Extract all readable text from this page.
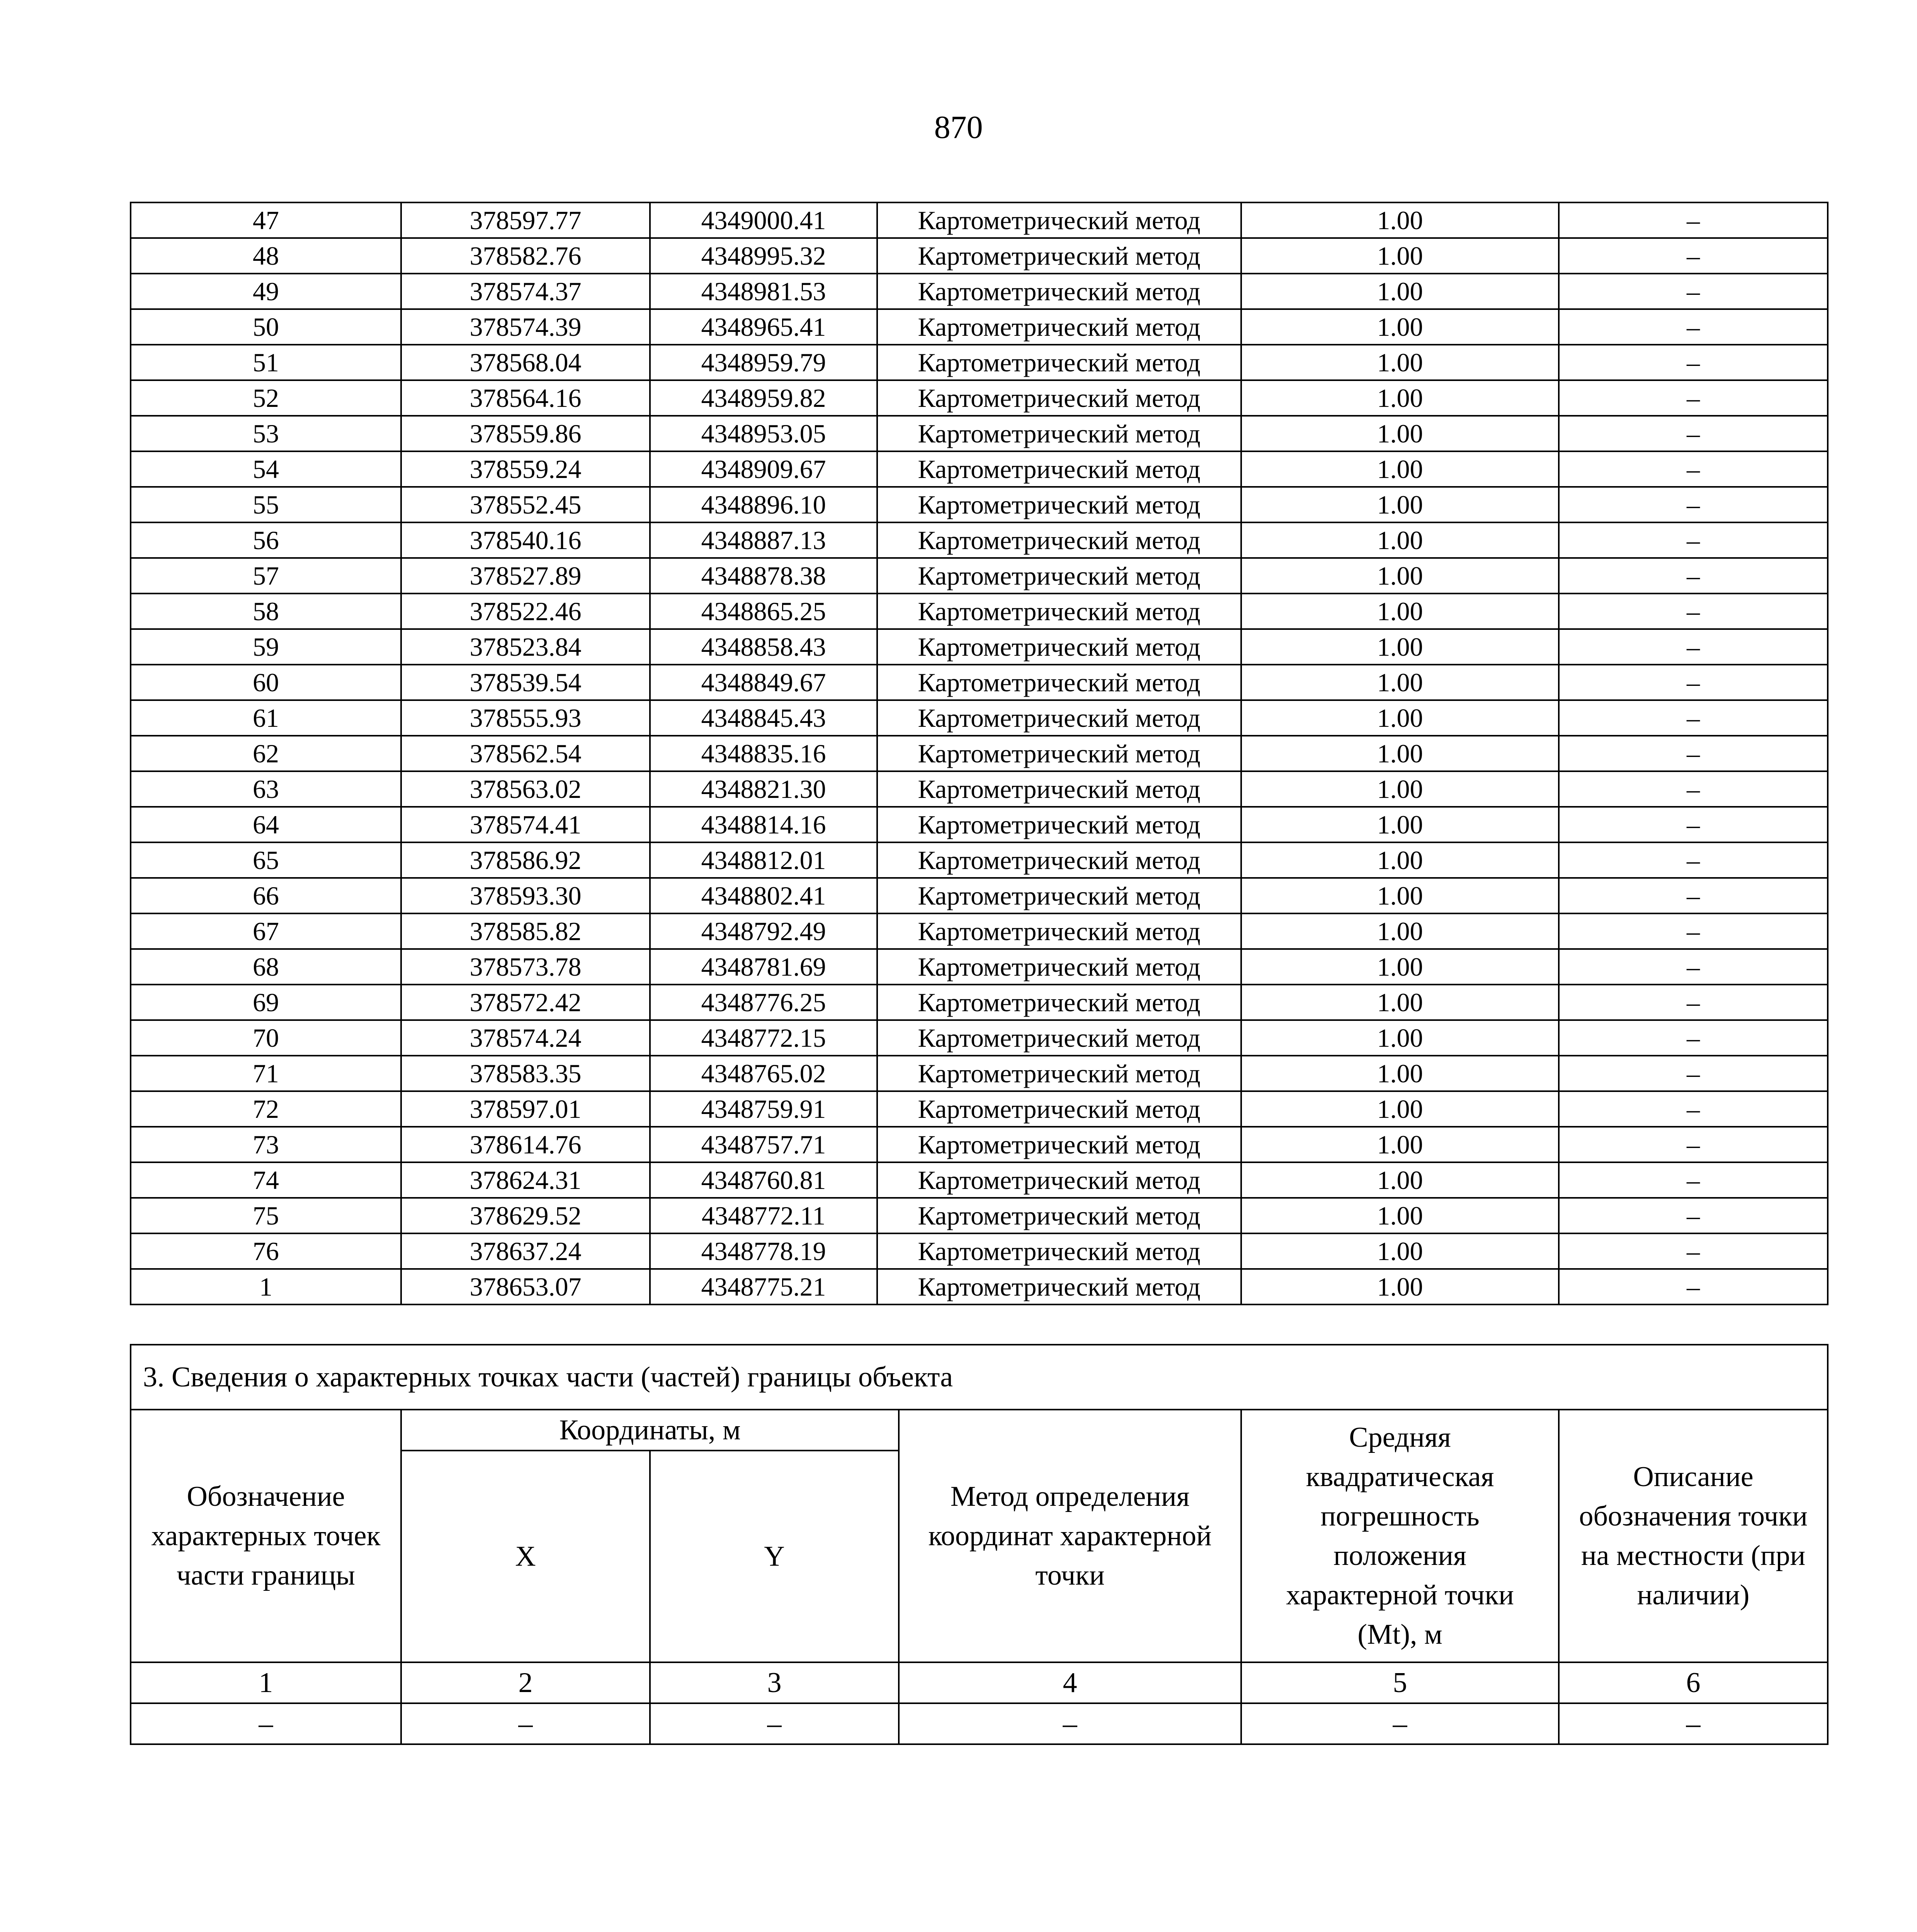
870
47	378597.77	4349000.41	Картометрический метод	1.00	–
48	378582.76	4348995.32	Картометрический метод	1.00	–
49	378574.37	4348981.53	Картометрический метод	1.00	–
50	378574.39	4348965.41	Картометрический метод	1.00	–
51	378568.04	4348959.79	Картометрический метод	1.00	–
52	378564.16	4348959.82	Картометрический метод	1.00	–
53	378559.86	4348953.05	Картометрический метод	1.00	–
54	378559.24	4348909.67	Картометрический метод	1.00	–
55	378552.45	4348896.10	Картометрический метод	1.00	–
56	378540.16	4348887.13	Картометрический метод	1.00	–
57	378527.89	4348878.38	Картометрический метод	1.00	–
58	378522.46	4348865.25	Картометрический метод	1.00	–
59	378523.84	4348858.43	Картометрический метод	1.00	–
60	378539.54	4348849.67	Картометрический метод	1.00	–
61	378555.93	4348845.43	Картометрический метод	1.00	–
62	378562.54	4348835.16	Картометрический метод	1.00	–
63	378563.02	4348821.30	Картометрический метод	1.00	–
64	378574.41	4348814.16	Картометрический метод	1.00	–
65	378586.92	4348812.01	Картометрический метод	1.00	–
66	378593.30	4348802.41	Картометрический метод	1.00	–
67	378585.82	4348792.49	Картометрический метод	1.00	–
68	378573.78	4348781.69	Картометрический метод	1.00	–
69	378572.42	4348776.25	Картометрический метод	1.00	–
70	378574.24	4348772.15	Картометрический метод	1.00	–
71	378583.35	4348765.02	Картометрический метод	1.00	–
72	378597.01	4348759.91	Картометрический метод	1.00	–
73	378614.76	4348757.71	Картометрический метод	1.00	–
74	378624.31	4348760.81	Картометрический метод	1.00	–
75	378629.52	4348772.11	Картометрический метод	1.00	–
76	378637.24	4348778.19	Картометрический метод	1.00	–
1	378653.07	4348775.21	Картометрический метод	1.00	–
3. Сведения о характерных точках части (частей) границы объекта					
Обозначение характерных точек части границы	Координаты, м		Метод определения координат характерной точки	Средняя квадратическая погрешность положения характерной точки (Mt), м	Описание обозначения точки на местности (при наличии)
	X	Y			
1	2	3	4	5	6
–	–	–	–	–	–
